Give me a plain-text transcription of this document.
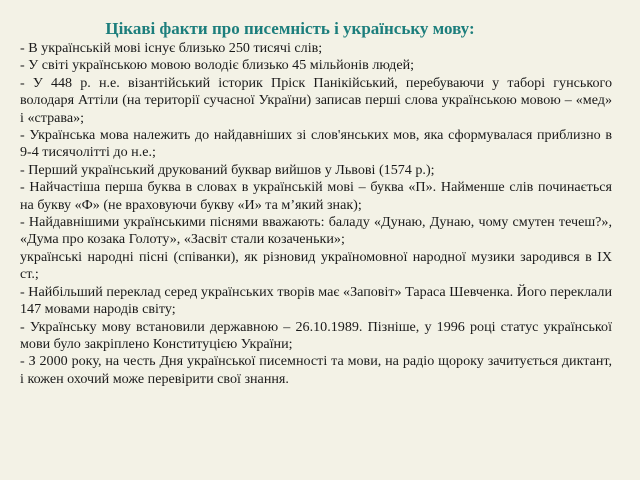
Цікаві факти про писемність і українську мову:
- В українській мові існує близько 250 тисячі слів;
- У світі українською мовою володіє близько 45 мільйонів людей;
- У 448 р. н.е. візантійський історик Пріск Панікійський, перебуваючи у таборі гунського володаря Аттіли (на території сучасної України) записав перші слова українською мовою – «мед» і «страва»;
- Українська мова належить до найдавніших зі слов'янських мов, яка сформувалася приблизно в 9-4 тисячоліттi до н.е.;
- Перший український друкований буквар вийшов у Львові (1574 р.);
- Найчастіша перша буква в словах в українській мові – буква «П». Найменше слів починається на букву «Ф» (не враховуючи букву «И» та м’який знак);
- Найдавнішими українськими піснями вважають: баладу «Дунаю, Дунаю, чому смутен течеш?», «Дума про козака Голоту», «Засвіт стали козаченьки»;
українські народні пісні (співанки), як різновид україномовної народної музики зародився в IX ст.;
- Найбільший переклад серед українських творів має «Заповіт» Тараса Шевченка. Його переклали 147 мовами народів світу;
- Українську мову встановили державною – 26.10.1989. Пізніше, у 1996 році статус української мови було закріплено Конституцією України;
- З 2000 року, на честь Дня української писемності та мови, на радіо щороку зачитується диктант, і кожен охочий може перевірити свої знання.
